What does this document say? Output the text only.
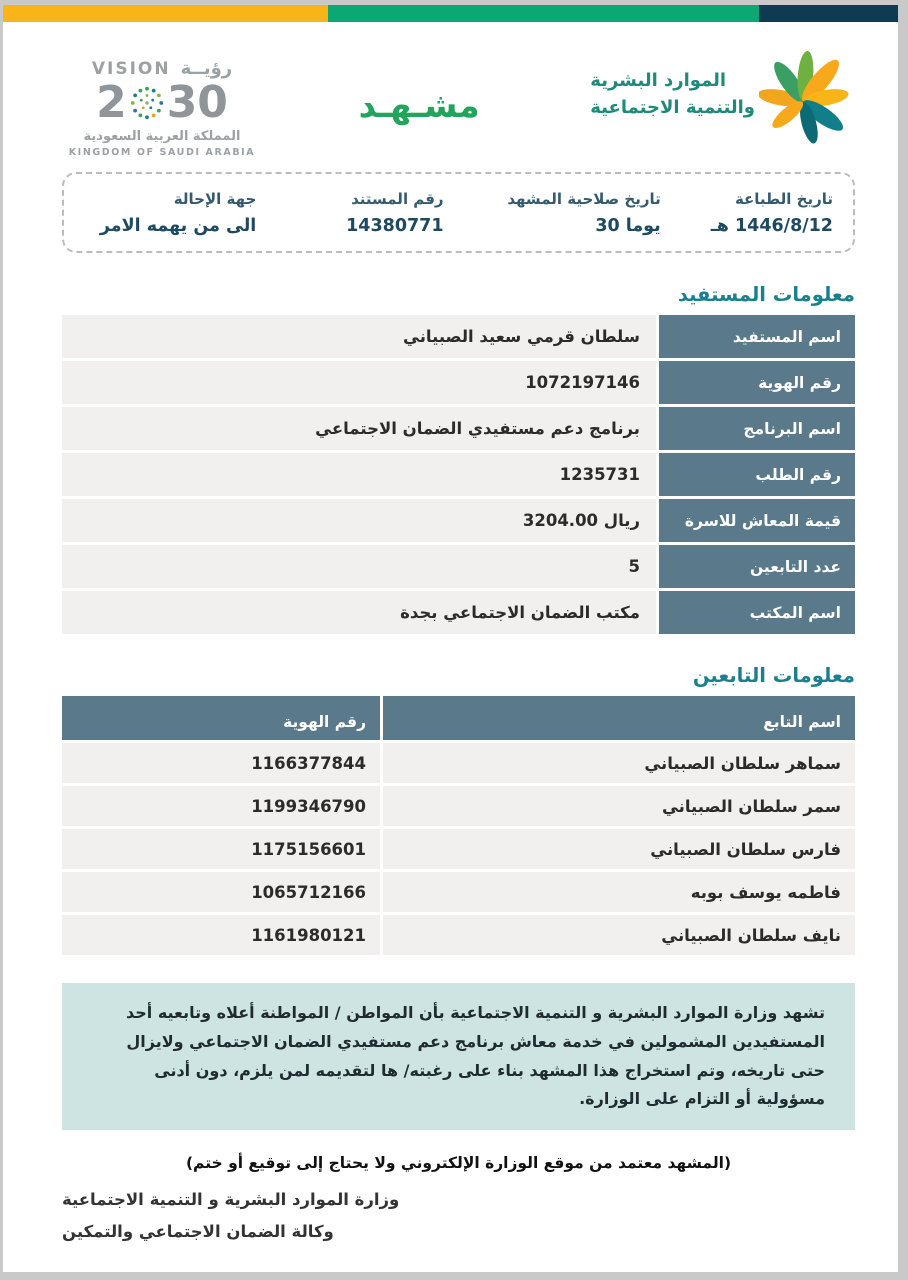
الموارد البشرية
والتنمية الاجتماعية
مشـهـد
VISION رؤيــة
2 30
المملكة العربية السعودية
KINGDOM OF SAUDI ARABIA
تاريخ الطباعة
1446/8/12 هـ
تاريخ صلاحية المشهد
30 يوما
رقم المستند
14380771
جهة الإحالة
الى من يهمه الامر
معلومات المستفيد
اسم المستفيد
سلطان قرمي سعيد الصبياني
رقم الهوية
1072197146
اسم البرنامج
برنامج دعم مستفيدي الضمان الاجتماعي
رقم الطلب
1235731
قيمة المعاش للاسرة
3204.00 ريال
عدد التابعين
5
اسم المكتب
مكتب الضمان الاجتماعي بجدة
معلومات التابعين
اسم التابع
رقم الهوية
سماهر سلطان الصبياني
1166377844
سمر سلطان الصبياني
1199346790
فارس سلطان الصبياني
1175156601
فاطمه يوسف بوبه
1065712166
نايف سلطان الصبياني
1161980121
تشهد وزارة الموارد البشرية و التنمية الاجتماعية بأن المواطن / المواطنة أعلاه وتابعيه أحد المستفيدين المشمولين في خدمة معاش برنامج دعم مستفيدي الضمان الاجتماعي ولايزال حتى تاريخه، وتم استخراج هذا المشهد بناء على رغبته/ ها لتقديمه لمن يلزم، دون أدنى مسؤولية أو التزام على الوزارة.
(المشهد معتمد من موقع الوزارة الإلكتروني ولا يحتاج إلى توقيع أو ختم)
وزارة الموارد البشرية و التنمية الاجتماعية
وكالة الضمان الاجتماعي والتمكين
